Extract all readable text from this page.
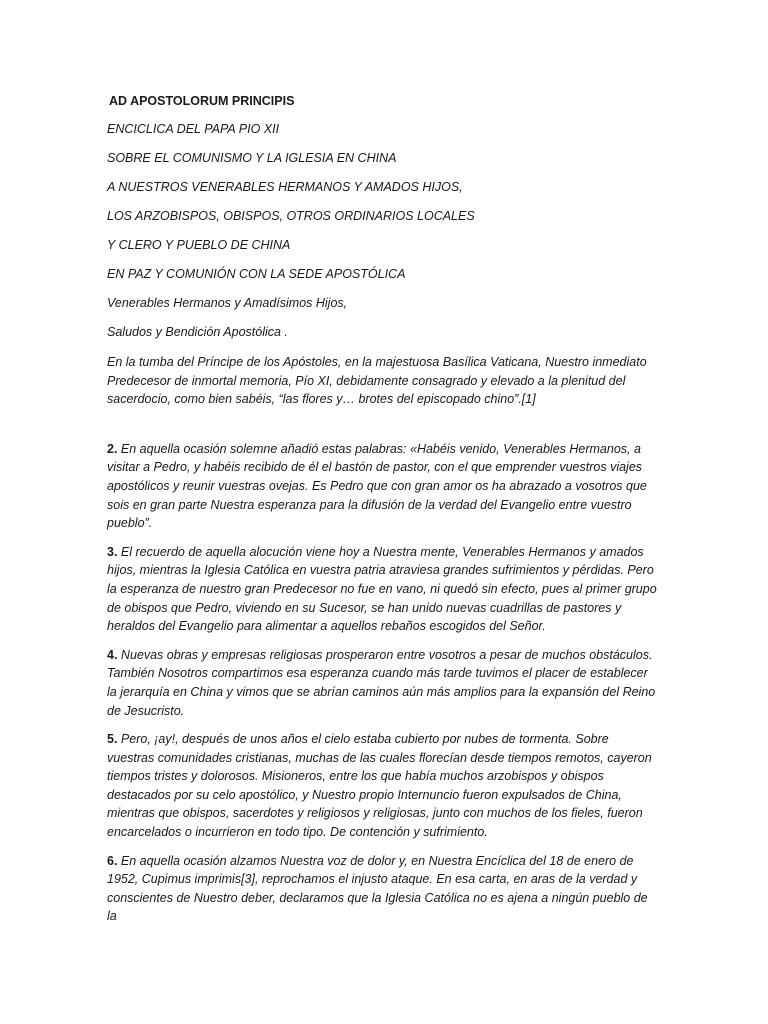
AD APOSTOLORUM PRINCIPIS
ENCICLICA DEL PAPA PIO XII
SOBRE EL COMUNISMO Y LA IGLESIA EN CHINA
A NUESTROS VENERABLES HERMANOS Y AMADOS HIJOS,
LOS ARZOBISPOS, OBISPOS, OTROS ORDINARIOS LOCALES
Y CLERO Y PUEBLO DE CHINA
EN PAZ Y COMUNIÓN CON LA SEDE APOSTÓLICA
Venerables Hermanos y Amadísimos Hijos,
Saludos y Bendición Apostólica .

En la tumba del Príncipe de los Apóstoles, en la majestuosa Basílica Vaticana, Nuestro inmediato Predecesor de inmortal memoria, Pío XI, debidamente consagrado y elevado a la plenitud del sacerdocio, como bien sabéis, “las flores y… brotes del episcopado chino”.[1]

2. En aquella ocasión solemne añadió estas palabras: «Habéis venido, Venerables Hermanos, a visitar a Pedro, y habéis recibido de él el bastón de pastor, con el que emprender vuestros viajes apostólicos y reunir vuestras ovejas. Es Pedro que con gran amor os ha abrazado a vosotros que sois en gran parte Nuestra esperanza para la difusión de la verdad del Evangelio entre vuestro pueblo”.

3. El recuerdo de aquella alocución viene hoy a Nuestra mente, Venerables Hermanos y amados hijos, mientras la Iglesia Católica en vuestra patria atraviesa grandes sufrimientos y pérdidas. Pero la esperanza de nuestro gran Predecesor no fue en vano, ni quedó sin efecto, pues al primer grupo de obispos que Pedro, viviendo en su Sucesor, se han unido nuevas cuadrillas de pastores y heraldos del Evangelio para alimentar a aquellos rebaños escogidos del Señor.

4. Nuevas obras y empresas religiosas prosperaron entre vosotros a pesar de muchos obstáculos. También Nosotros compartimos esa esperanza cuando más tarde tuvimos el placer de establecer la jerarquía en China y vimos que se abrían caminos aún más amplios para la expansión del Reino de Jesucristo.

5. Pero, ¡ay!, después de unos años el cielo estaba cubierto por nubes de tormenta. Sobre vuestras comunidades cristianas, muchas de las cuales florecían desde tiempos remotos, cayeron tiempos tristes y dolorosos. Misioneros, entre los que había muchos arzobispos y obispos destacados por su celo apostólico, y Nuestro propio Internuncio fueron expulsados de China, mientras que obispos, sacerdotes y religiosos y religiosas, junto con muchos de los fieles, fueron encarcelados o incurrieron en todo tipo. De contención y sufrimiento.

6. En aquella ocasión alzamos Nuestra voz de dolor y, en Nuestra Encíclica del 18 de enero de 1952, Cupimus imprimis[3], reprochamos el injusto ataque. En esa carta, en aras de la verdad y conscientes de Nuestro deber, declaramos que la Iglesia Católica no es ajena a ningún pueblo de la
